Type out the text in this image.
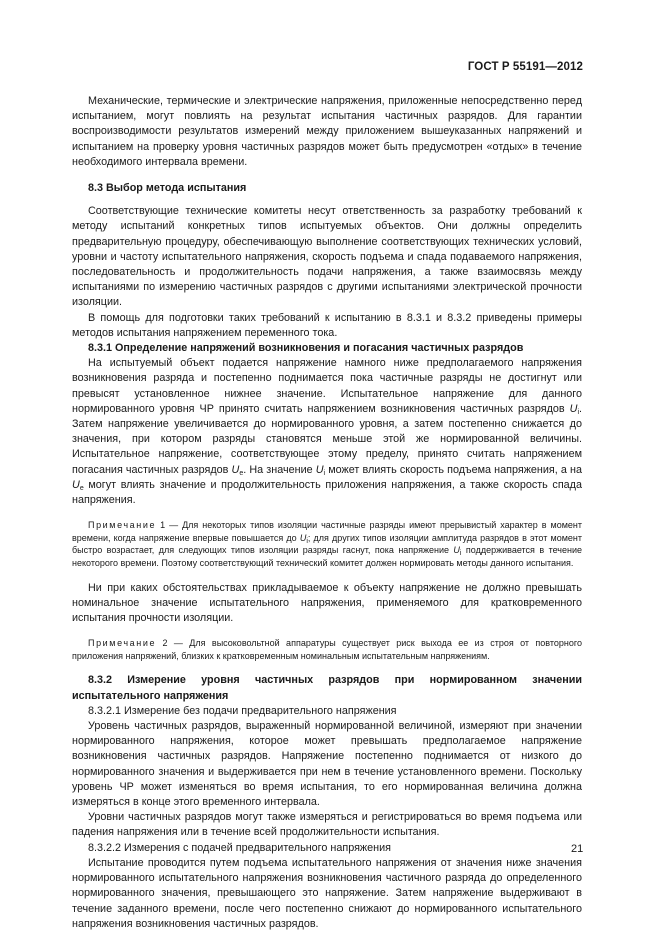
ГОСТ Р 55191—2012

Механические, термические и электрические напряжения, приложенные непосредственно перед испытанием, могут повлиять на результат испытания частичных разрядов. Для гарантии воспроизводимости результатов измерений между приложением вышеуказанных напряжений и испытанием на проверку уровня частичных разрядов может быть предусмотрен «отдых» в течение необходимого интервала времени.

8.3 Выбор метода испытания

Соответствующие технические комитеты несут ответственность за разработку требований к методу испытаний конкретных типов испытуемых объектов. Они должны определить предварительную процедуру, обеспечивающую выполнение соответствующих технических условий, уровни и частоту испытательного напряжения, скорость подъема и спада подаваемого напряжения, последовательность и продолжительность подачи напряжения, а также взаимосвязь между испытаниями по измерению частичных разрядов с другими испытаниями электрической прочности изоляции.

В помощь для подготовки таких требований к испытанию в 8.3.1 и 8.3.2 приведены примеры методов испытания напряжением переменного тока.

8.3.1 Определение напряжений возникновения и погасания частичных разрядов

На испытуемый объект подается напряжение намного ниже предполагаемого напряжения возникновения разряда и постепенно поднимается пока частичные разряды не достигнут или превысят установленное нижнее значение. Испытательное напряжение для данного нормированного уровня ЧР принято считать напряжением возникновения частичных разрядов $U_i$. Затем напряжение увеличивается до нормированного уровня, а затем постепенно снижается до значения, при котором разряды становятся меньше этой же нормированной величины. Испытательное напряжение, соответствующее этому пределу, принято считать напряжением погасания частичных разрядов $U_e$. На значение $U_i$ может влиять скорость подъема напряжения, а на $U_e$ могут влиять значение и продолжительность приложения напряжения, а также скорость спада напряжения.

Примечание 1 — Для некоторых типов изоляции частичные разряды имеют прерывистый характер в момент времени, когда напряжение впервые повышается до $U_i$; для других типов изоляции амплитуда разрядов в этот момент быстро возрастает, для следующих типов изоляции разряды гаснут, пока напряжение $U_i$ поддерживается в течение некоторого времени. Поэтому соответствующий технический комитет должен нормировать методы данного испытания.

Ни при каких обстоятельствах прикладываемое к объекту напряжение не должно превышать номинальное значение испытательного напряжения, применяемого для кратковременного испытания прочности изоляции.

Примечание 2 — Для высоковольтной аппаратуры существует риск выхода ее из строя от повторного приложения напряжений, близких к кратковременным номинальным испытательным напряжениям.

8.3.2 Измерение уровня частичных разрядов при нормированном значении испытательного напряжения

8.3.2.1 Измерение без подачи предварительного напряжения

Уровень частичных разрядов, выраженный нормированной величиной, измеряют при значении нормированного напряжения, которое может превышать предполагаемое напряжение возникновения частичных разрядов. Напряжение постепенно поднимается от низкого до нормированного значения и выдерживается при нем в течение установленного времени. Поскольку уровень ЧР может изменяться во время испытания, то его нормированная величина должна измеряться в конце этого временного интервала.

Уровни частичных разрядов могут также измеряться и регистрироваться во время подъема или падения напряжения или в течение всей продолжительности испытания.

8.3.2.2 Измерения с подачей предварительного напряжения

Испытание проводится путем подъема испытательного напряжения от значения ниже значения нормированного испытательного напряжения возникновения частичного разряда до определенного нормированного значения, превышающего это напряжение. Затем напряжение выдерживают в течение заданного времени, после чего постепенно снижают до нормированного испытательного напряжения возникновения частичных разрядов.

21
